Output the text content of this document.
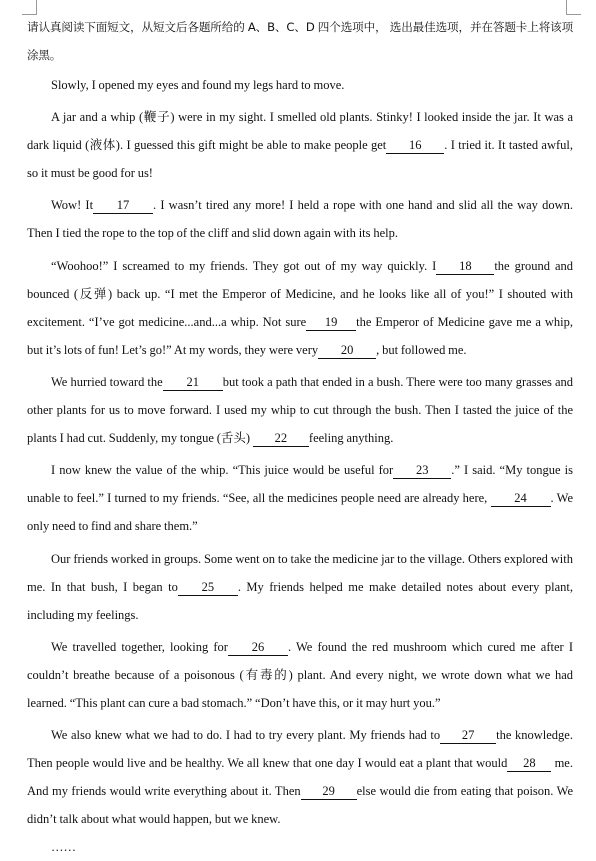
请认真阅读下面短文，从短文后各题所给的 A、B、C、D 四个选项中， 选出最佳选项，并在答题卡上将该项涂黑。

Slowly, I opened my eyes and found my legs hard to move.

A jar and a whip (鞭子) were in my sight. I smelled old plants. Stinky! I looked inside the jar. It was a dark liquid (液体). I guessed this gift might be able to make people get 16 . I tried it. It tasted awful, so it must be good for us!

Wow! It 17 . I wasn’t tired any more! I held a rope with one hand and slid all the way down. Then I tied the rope to the top of the cliff and slid down again with its help.

“Woohoo!” I screamed to my friends. They got out of my way quickly. I 18 the ground and bounced (反弹) back up. “I met the Emperor of Medicine, and he looks like all of you!” I shouted with excitement. “I’ve got medicine...and...a whip. Not sure 19 the Emperor of Medicine gave me a whip, but it’s lots of fun! Let’s go!” At my words, they were very 20 , but followed me.

We hurried toward the 21 but took a path that ended in a bush. There were too many grasses and other plants for us to move forward. I used my whip to cut through the bush. Then I tasted the juice of the plants I had cut. Suddenly, my tongue (舌头) 22 feeling anything.

I now knew the value of the whip. “This juice would be useful for 23 .” I said. “My tongue is unable to feel.” I turned to my friends. “See, all the medicines people need are already here, 24 . We only need to find and share them.”

Our friends worked in groups. Some went on to take the medicine jar to the village. Others explored with me. In that bush, I began to 25 . My friends helped me make detailed notes about every plant, including my feelings.

We travelled together, looking for 26 . We found the red mushroom which cured me after I couldn’t breathe because of a poisonous (有毒的) plant. And every night, we wrote down what we had learned. “This plant can cure a bad stomach.” “Don’t have this, or it may hurt you.”

We also knew what we had to do. I had to try every plant. My friends had to 27 the knowledge. Then people would live and be healthy. We all knew that one day I would eat a plant that would 28 me. And my friends would write everything about it. Then 29 else would die from eating that poison. We didn’t talk about what would happen, but we knew.

……
